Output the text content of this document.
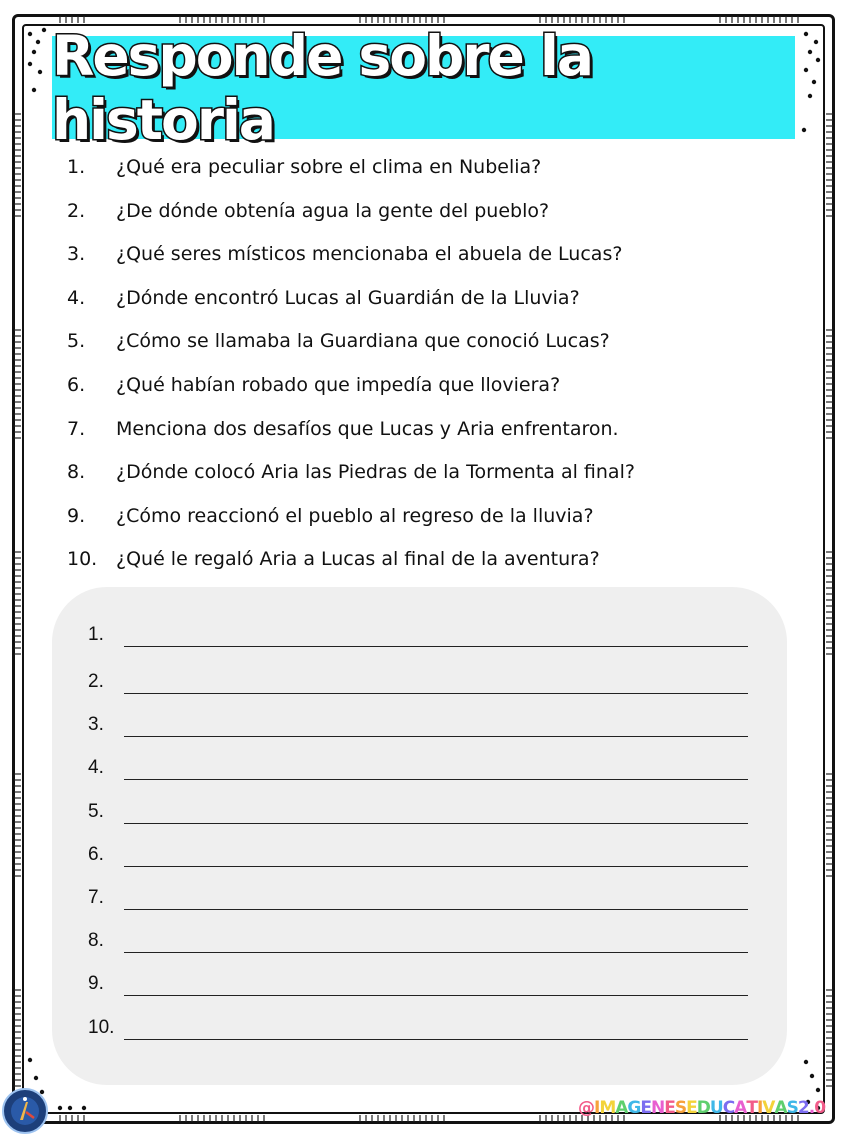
Responde sobre la historia
1. ¿Qué era peculiar sobre el clima en Nubelia?
2. ¿De dónde obtenía agua la gente del pueblo?
3. ¿Qué seres místicos mencionaba el abuela de Lucas?
4. ¿Dónde encontró Lucas al Guardián de la Lluvia?
5. ¿Cómo se llamaba la Guardiana que conoció Lucas?
6. ¿Qué habían robado que impedía que lloviera?
7. Menciona dos desafíos que Lucas y Aria enfrentaron.
8. ¿Dónde colocó Aria las Piedras de la Tormenta al final?
9. ¿Cómo reaccionó el pueblo al regreso de la lluvia?
10. ¿Qué le regaló Aria a Lucas al final de la aventura?
1.
2.
3.
4.
5.
6.
7.
8.
9.
10.
@ I M A G E N E S E D U C A T I V A S 2 . 0
